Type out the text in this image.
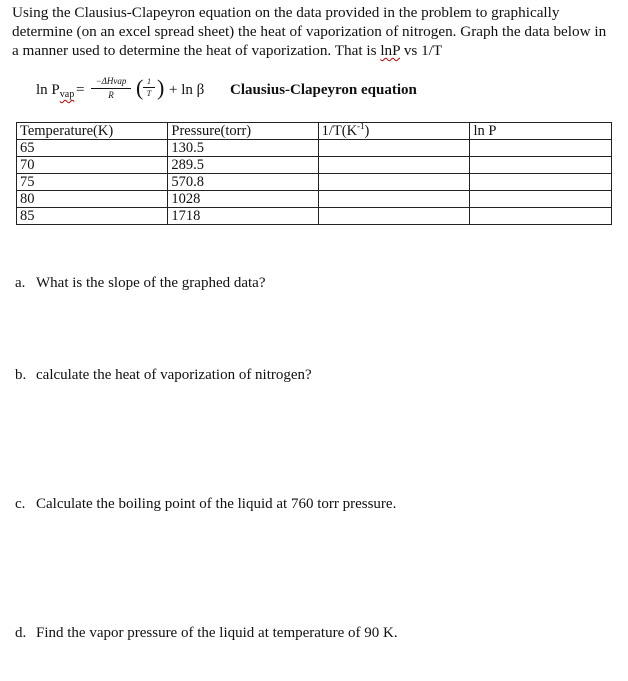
Using the Clausius-Clapeyron equation on the data provided in the problem to graphically determine (on an excel spread sheet) the heat of vaporization of nitrogen. Graph the data below in a manner used to determine the heat of vaporization. That is lnP vs 1/T
$\ln P_{vap}$ =
−ΔHvap
R	( $\frac{1}{T}$ ) + ln β Clausius-Clapeyron equation
Temperature(K)	Pressure(torr)	$1/T(K^{-1})$	ln P
65	130.5		
70	289.5		
75	570.8		
80	1028		
85	1718		
a. What is the slope of the graphed data?
b. calculate the heat of vaporization of nitrogen?
c. Calculate the boiling point of the liquid at 760 torr pressure.
d. Find the vapor pressure of the liquid at temperature of 90 K.
